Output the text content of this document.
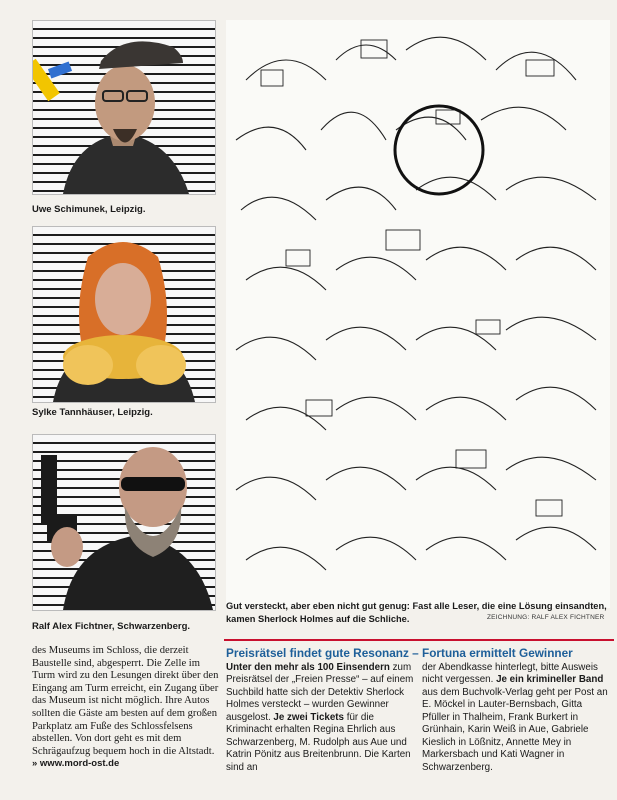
Uwe Schimunek, Leipzig.
Sylke Tannhäuser, Leipzig.
Ralf Alex Fichtner, Schwarzenberg.
Gut versteckt, aber eben nicht gut genug: Fast alle Leser, die eine Lösung einsandten, kamen Sherlock Holmes auf die Schliche.	ZEICHNUNG: RALF ALEX FICHTNER

des Museums im Schloss, die derzeit Baustelle sind, abgesperrt. Die Zelle im Turm wird zu den Lesungen direkt über den Eingang am Turm erreicht, ein Zugang über das Museum ist nicht möglich. Ihre Autos sollten die Gäste am besten auf dem großen Parkplatz am Fuße des Schlossfelsens abstellen. Von dort geht es mit dem Schrägaufzug bequem hoch in die Altstadt. » www.mord-ost.de

Preisrätsel findet gute Resonanz – Fortuna ermittelt Gewinner

Unter den mehr als 100 Einsendern zum Preisrätsel der „Freien Presse“ – auf einem Suchbild hatte sich der Detektiv Sherlock Holmes versteckt – wurden Gewinner ausgelost. Je zwei Tickets für die Kriminacht erhalten Regina Ehrlich aus Schwarzenberg, M. Rudolph aus Aue und Katrin Pönitz aus Breitenbrunn. Die Karten sind an

der Abendkasse hinterlegt, bitte Ausweis nicht vergessen. Je ein krimineller Band aus dem Buchvolk-Verlag geht per Post an E. Möckel in Lauter-Bernsbach, Gitta Pfüller in Thalheim, Frank Burkert in Grünhain, Karin Weiß in Aue, Gabriele Kieslich in Lößnitz, Annette Mey in Markersbach und Kati Wagner in Schwarzenberg.
